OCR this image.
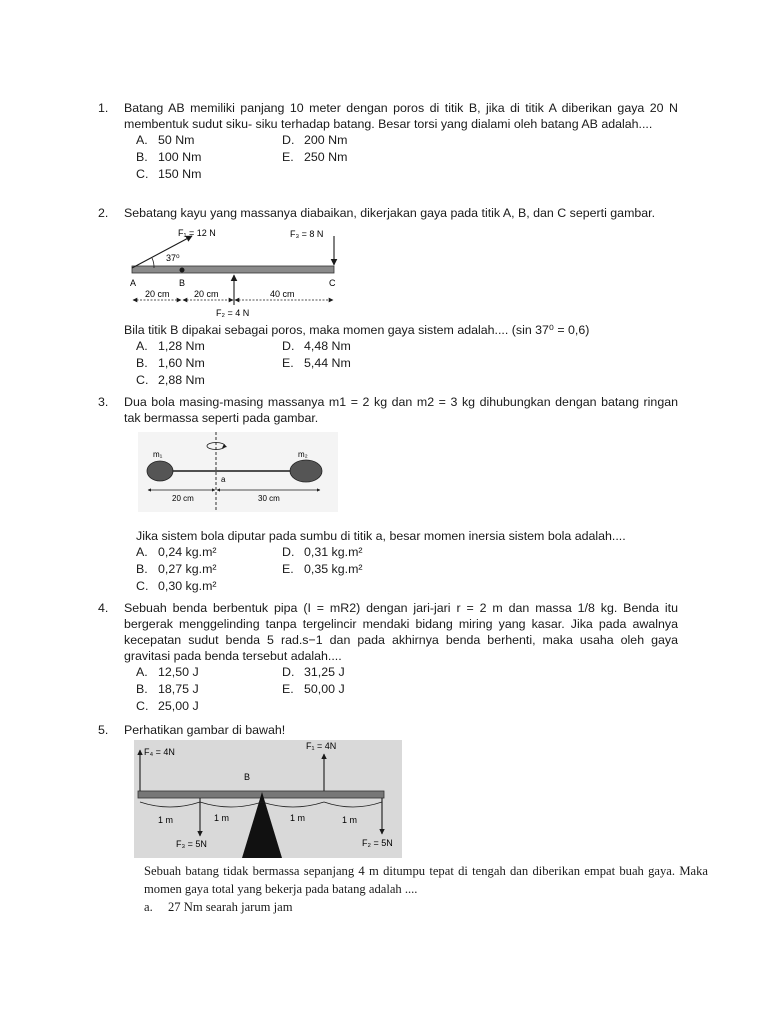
1.	Batang AB memiliki panjang 10 meter dengan poros di titik B, jika di titik A diberikan gaya 20 N membentuk sudut siku- siku terhadap batang. Besar torsi yang dialami oleh batang AB adalah....
A. 50 Nm
B. 100 Nm
C. 150 Nm
D. 200 Nm
E. 250 Nm
2.	Sebatang kayu yang massanya diabaikan, dikerjakan gaya pada titik A, B, dan C seperti gambar.
37⁰
F₁ = 12 N	F₃ = 8 N
F₂ = 4 N
A	B	C
20 cm	20 cm	40 cm
Bila titik B dipakai sebagai poros, maka momen gaya sistem adalah.... (sin 37⁰ = 0,6)
A. 1,28 Nm
B. 1,60 Nm
C. 2,88 Nm
D. 4,48 Nm
E. 5,44 Nm
3.	Dua bola masing-masing massanya m1 = 2 kg dan m2 = 3 kg dihubungkan dengan batang ringan tak bermassa seperti pada gambar.
m₁	m₂
a
20 cm	30 cm
Jika sistem bola diputar pada sumbu di titik a, besar momen inersia sistem bola adalah....
A. 0,24 kg.m²
B. 0,27 kg.m²
C. 0,30 kg.m²
D. 0,31 kg.m²
E. 0,35 kg.m²
4.	Sebuah benda berbentuk pipa (I = mR2) dengan jari-jari r = 2 m dan massa 1/8 kg. Benda itu bergerak menggelinding tanpa tergelincir mendaki bidang miring yang kasar. Jika pada awalnya kecepatan sudut benda 5 rad.s−1 dan pada akhirnya benda berhenti, maka usaha oleh gaya gravitasi pada benda tersebut adalah....
A. 12,50 J
B. 18,75 J
C. 25,00 J
D. 31,25 J
E. 50,00 J
5.	Perhatikan gambar di bawah!
F₄ = 4N
F₁ = 4N
B
F₃ = 5N	F₂ = 5N
1 m	1 m	1 m	1 m
Sebuah batang tidak bermassa sepanjang 4 m ditumpu tepat di tengah dan diberikan empat buah gaya. Maka momen gaya total yang bekerja pada batang adalah ....
a. 27 Nm searah jarum jam
